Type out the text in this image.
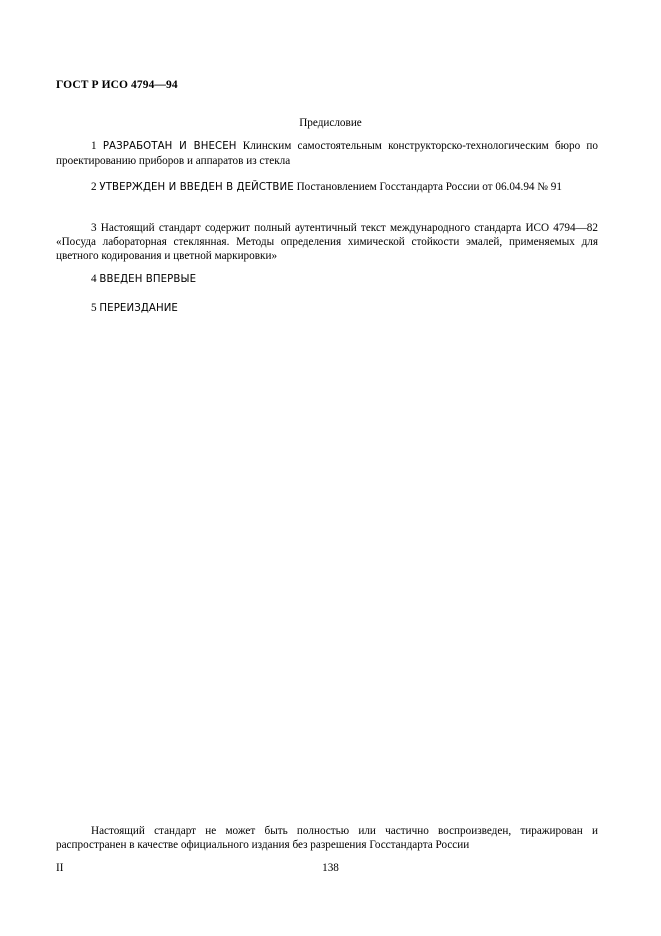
ГОСТ Р ИСО 4794—94
Предисловие
1 РАЗРАБОТАН И ВНЕСЕН Клинским самостоятельным конструкторско-технологическим бюро по проектированию приборов и аппаратов из стекла
2 УТВЕРЖДЕН И ВВЕДЕН В ДЕЙСТВИЕ Постановлением Госстандарта России от 06.04.94 № 91
3 Настоящий стандарт содержит полный аутентичный текст международного стандарта ИСО 4794—82 «Посуда лабораторная стеклянная. Методы определения химической стойкости эмалей, применяемых для цветного кодирования и цветной маркировки»
4 ВВЕДЕН ВПЕРВЫЕ
5 ПЕРЕИЗДАНИЕ
Настоящий стандарт не может быть полностью или частично воспроизведен, тиражирован и распространен в качестве официального издания без разрешения Госстандарта России
II	138
